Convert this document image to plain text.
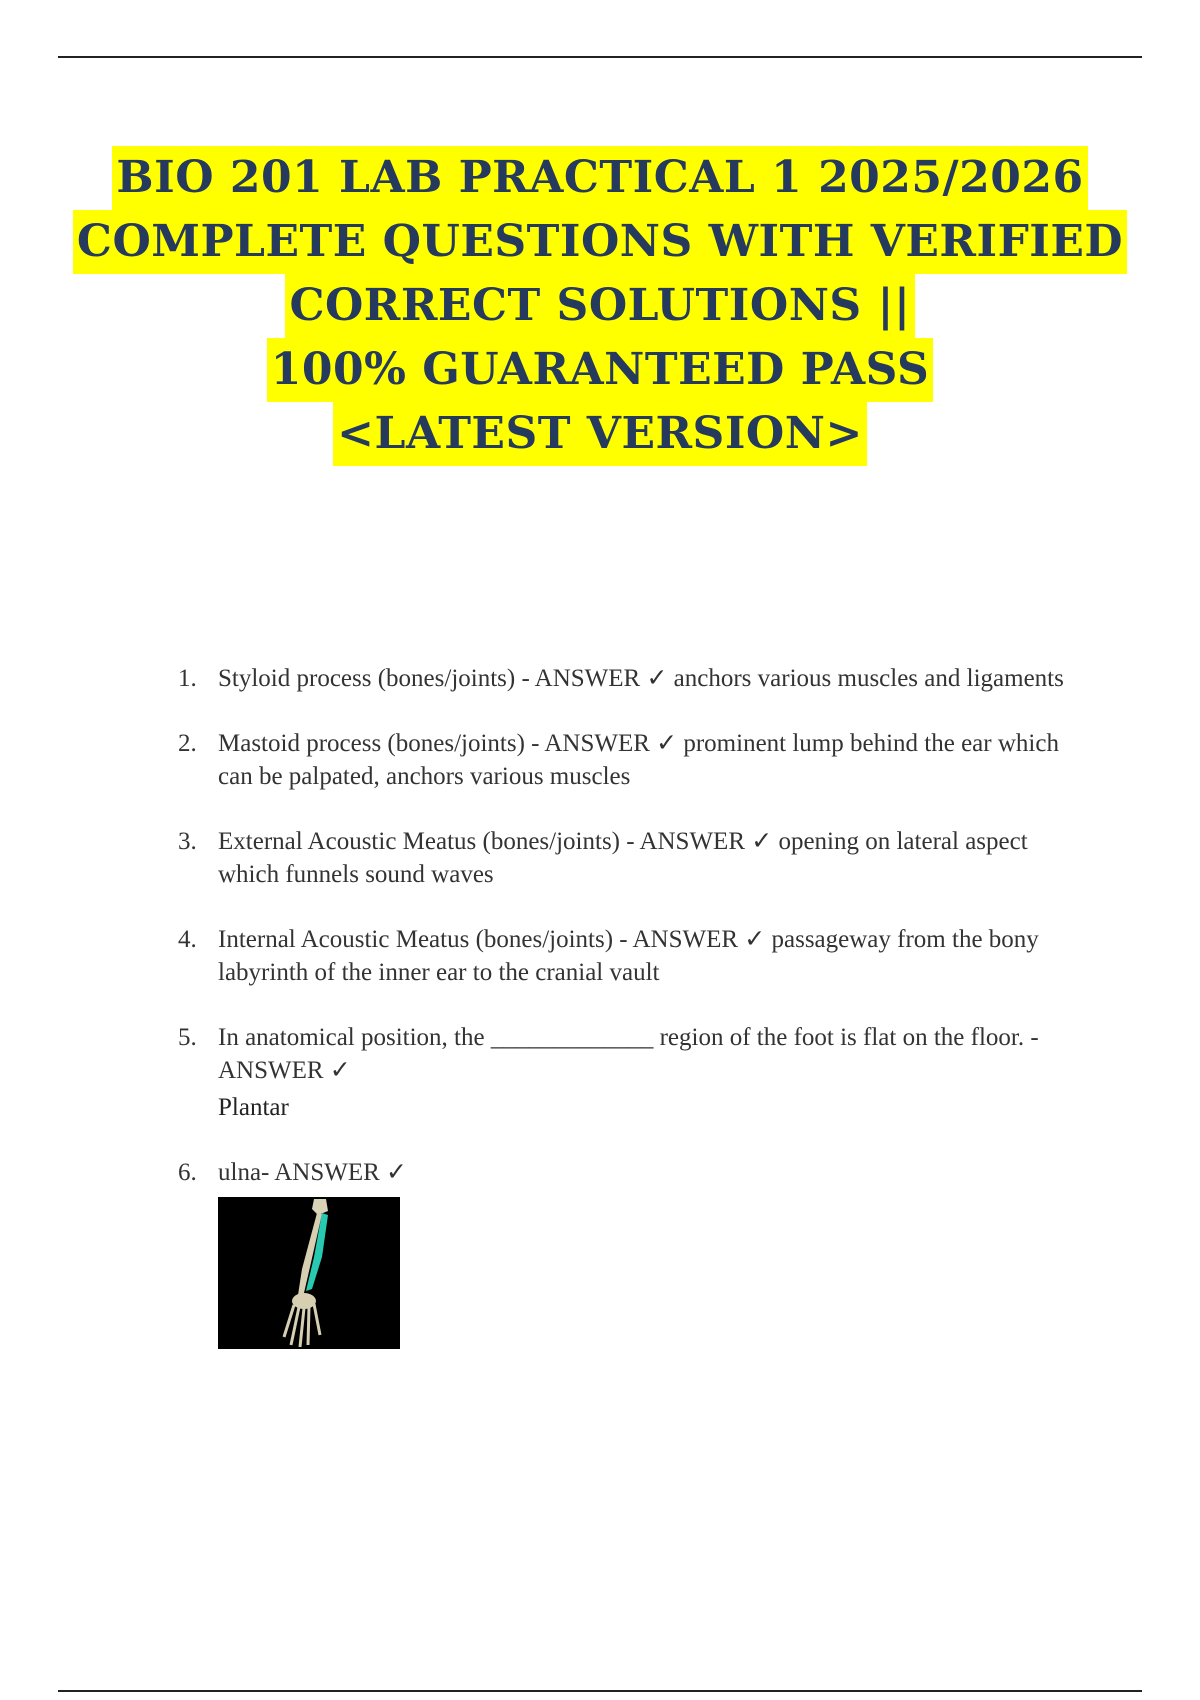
BIO 201 LAB PRACTICAL 1 2025/2026
COMPLETE QUESTIONS WITH VERIFIED
CORRECT SOLUTIONS ||
100% GUARANTEED PASS
<LATEST VERSION>
1. Styloid process (bones/joints) - ANSWER ✓ anchors various muscles and ligaments
2. Mastoid process (bones/joints) - ANSWER ✓ prominent lump behind the ear which can be palpated, anchors various muscles
3. External Acoustic Meatus (bones/joints) - ANSWER ✓ opening on lateral aspect which funnels sound waves
4. Internal Acoustic Meatus (bones/joints) - ANSWER ✓ passageway from the bony labyrinth of the inner ear to the cranial vault
5. In anatomical position, the _____________ region of the foot is flat on the floor. - ANSWER ✓
Plantar
6. ulna- ANSWER ✓
